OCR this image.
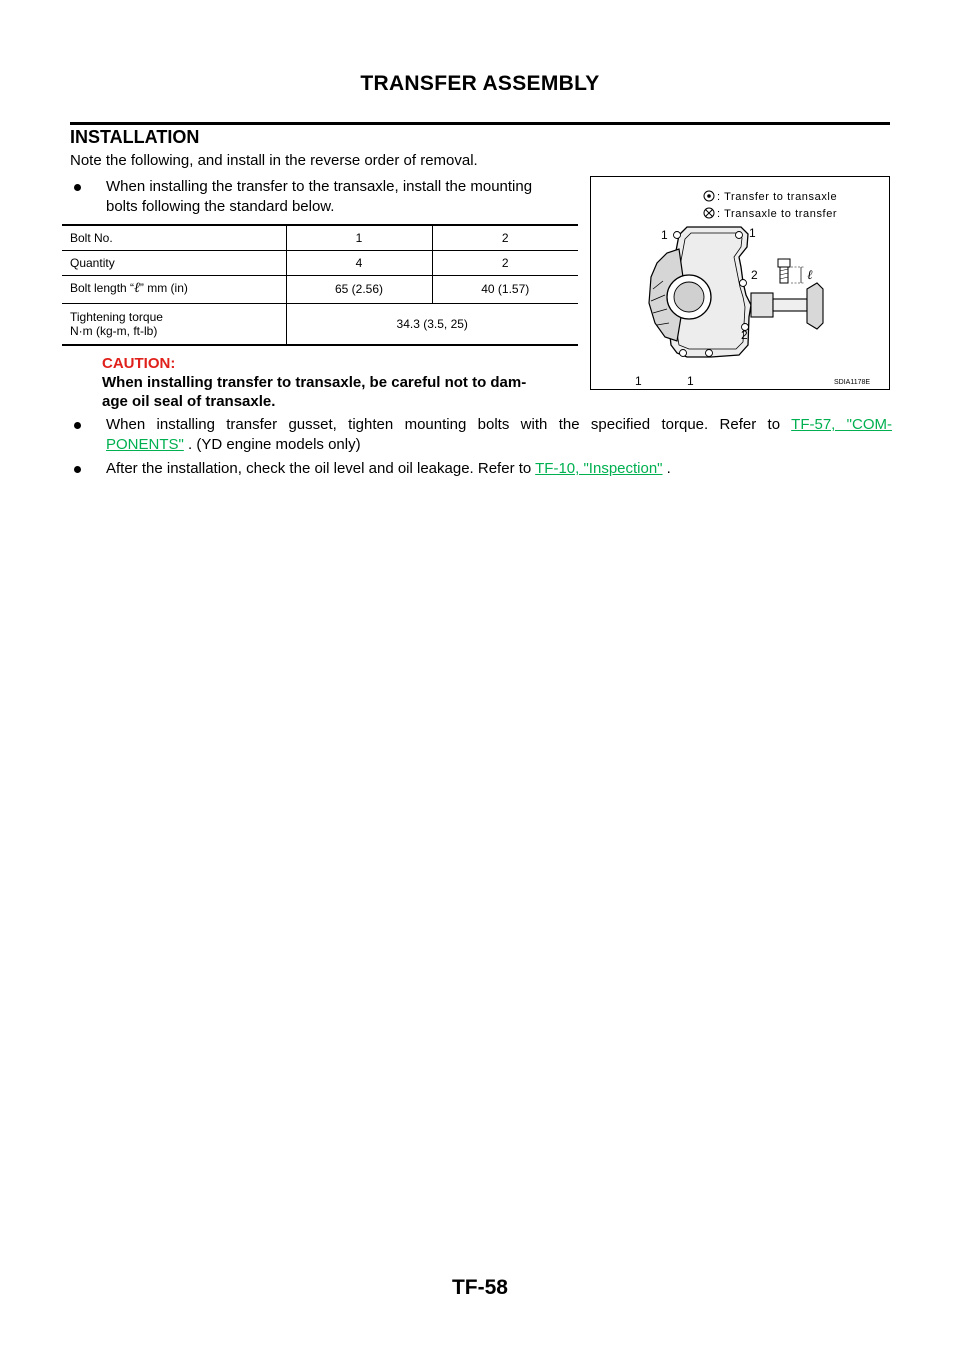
TRANSFER ASSEMBLY
INSTALLATION
Note the following, and install in the reverse order of removal.
When installing the transfer to the transaxle, install the mounting
bolts following the standard below.
Bolt No.	1	2
Quantity	4	2
Bolt length “ℓ” mm (in)	65 (2.56)	40 (1.57)
Tightening torque
N·m (kg-m, ft-lb)	34.3 (3.5, 25)	
CAUTION:
When installing transfer to transaxle, be careful not to dam-
age oil seal of transaxle.
: Transfer to transaxle
: Transaxle to transfer
1	1
2
2
1	1
ℓ
SDIA1178E
When installing transfer gusset, tighten mounting bolts with the specified torque. Refer to TF-57, "COM-
PONENTS" . (YD engine models only)
After the installation, check the oil level and oil leakage. Refer to TF-10, "Inspection" .
TF-58
